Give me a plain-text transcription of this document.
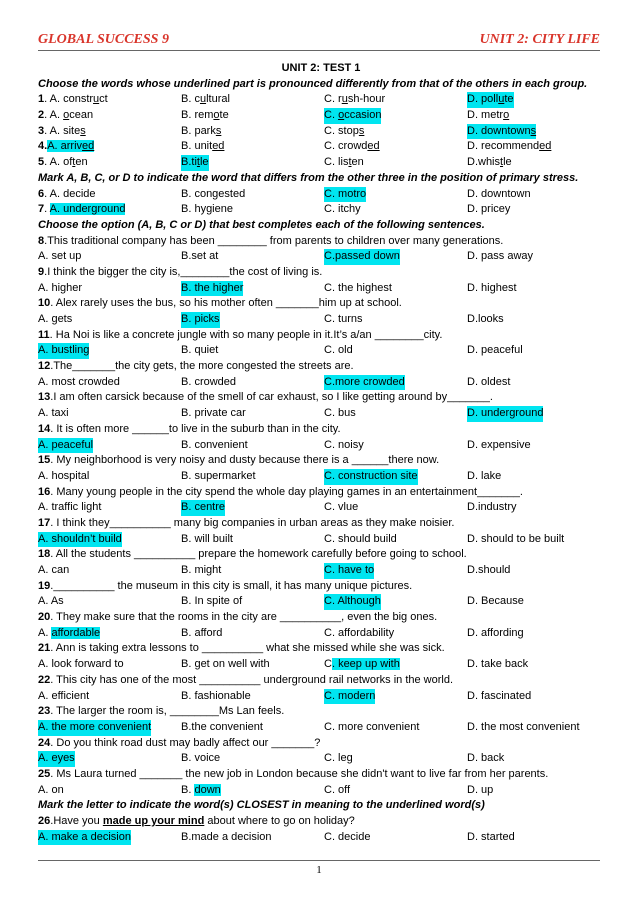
GLOBAL SUCCESS 9	UNIT 2: CITY LIFE
UNIT 2: TEST 1
Choose the words whose underlined part is pronounced differently from that of the others in each group.
1. A. construct	B. cultural	C. rush-hour	D. pollute
2. A. ocean	B. remote	C. occasion	D. metro
3. A. sites	B. parks	C. stops	D. downtowns
4.A. arrived	B. united	C. crowded	D. recommended
5. A. often	B.title	C. listen	D.whistle
Mark A, B, C, or D to indicate the word that differs from the other three in the position of primary stress.
6. A. decide	B. congested	C. motro	D. downtown
7. A. underground	B. hygiene	C. itchy	D. pricey
Choose the option (A, B, C or D) that best completes each of the following sentences.
8.This traditional company has been ________ from parents to children over many generations.
A. set up	B.set at	C.passed down	D. pass away
9.I think the bigger the city is,________the cost of living is.
A. higher	B. the higher	C. the highest	D. highest
10. Alex rarely uses the bus, so his mother often _______him up at school.
A. gets	B. picks	C. turns	D.looks
11. Ha Noi is like a concrete jungle with so many people in it.It’s a/an ________city.
A. bustling	B. quiet	C. old	D. peaceful
12.The_______the city gets, the more congested the streets are.
A. most crowded	B. crowded	C.more crowded	D. oldest
13.I am often carsick because of the smell of car exhaust, so I like getting around by_______.
A. taxi	B. private car	C. bus	D. underground
14. It is often more ______to live in the suburb than in the city.
A. peaceful	B. convenient	C. noisy	D. expensive
15. My neighborhood is very noisy and dusty because there is a ______there now.
A. hospital	B. supermarket	C. construction site	D. lake
16. Many young people in the city spend the whole day playing games in an entertainment_______.
A. traffic light	B. centre	C. vlue	D.industry
17. I think they__________ many big companies in urban areas as they make noisier.
A. shouldn’t build	B. will built	C. should build	D. should to be built
18. All the students __________ prepare the homework carefully before going to school.
A. can	B. might	C. have to	D.should
19.__________ the museum in this city is small, it has many unique pictures.
A. As	B. In spite of	C. Although	D. Because
20. They make sure that the rooms in the city are __________, even the big ones.
A. affordable	B. afford	C. affordability	D. affording
21. Ann is taking extra lessons to __________ what she missed while she was sick.
A. look forward to	B. get on well with	C. keep up with	D. take back
22. This city has one of the most __________ underground rail networks in the world.
A. efficient	B. fashionable	C. modern	D. fascinated
23. The larger the room is, ________Ms Lan feels.
A. the more convenient	B.the convenient	C. more convenient	D. the most convenient
24. Do you think road dust may badly affect our _______?
A. eyes	B. voice	C. leg	D. back
25. Ms Laura turned _______ the new job in London because she didn't want to live far from her parents.
A. on	B. down	C. off	D. up
Mark the letter to indicate the word(s) CLOSEST in meaning to the underlined word(s)
26.Have you made up your mind about where to go on holiday?
A. make a decision	B.made a decision	C. decide	D. started
1
